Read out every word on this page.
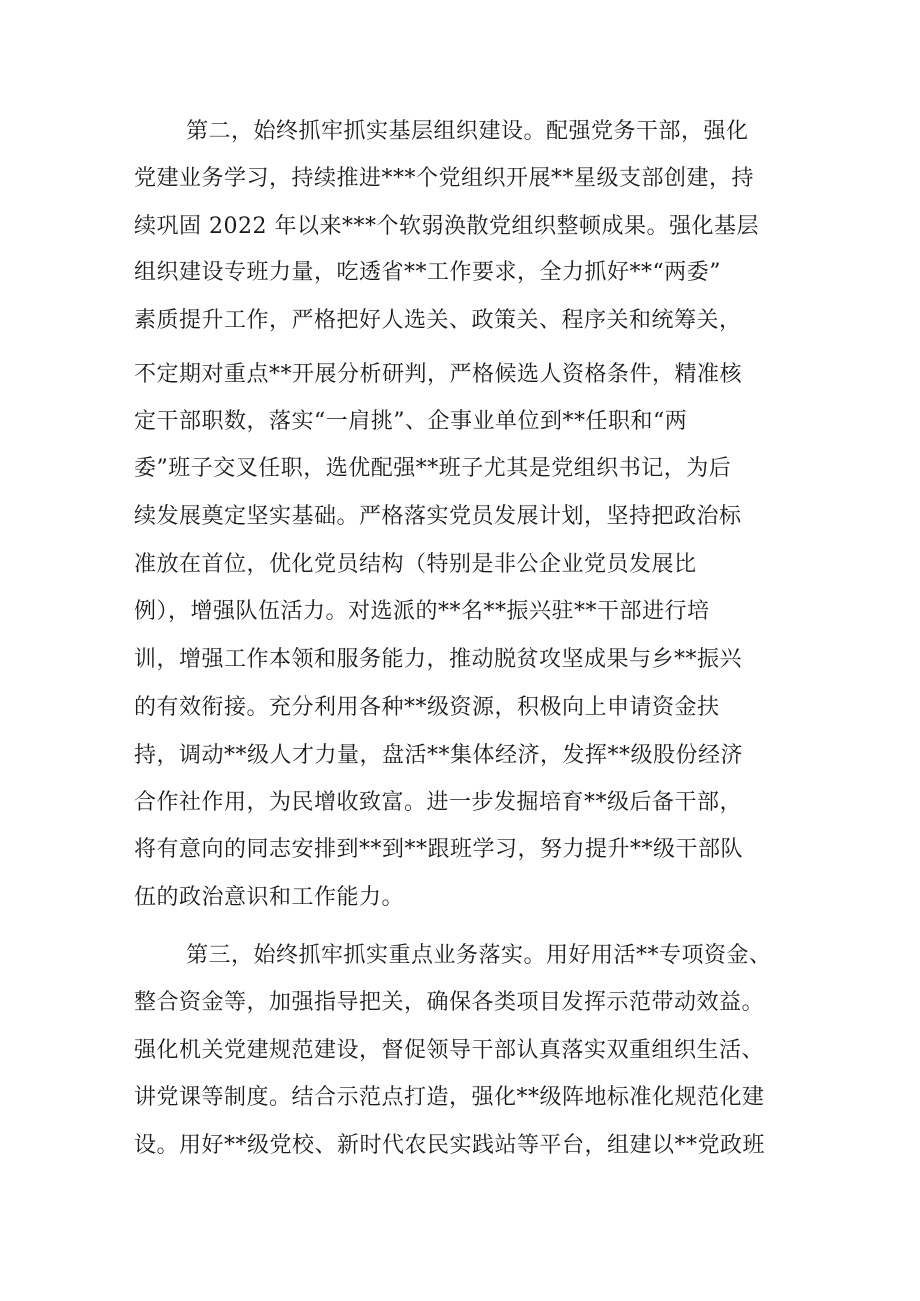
第二，始终抓牢抓实基层组织建设。配强党务干部，强化
党建业务学习，持续推进***个党组织开展**星级支部创建，持
续巩固 2022 年以来***个软弱涣散党组织整顿成果。强化基层
组织建设专班力量，吃透省**工作要求，全力抓好**“两委”
素质提升工作，严格把好人选关、政策关、程序关和统筹关，
不定期对重点**开展分析研判，严格候选人资格条件，精准核
定干部职数，落实“一肩挑”、企事业单位到**任职和“两
委”班子交叉任职，选优配强**班子尤其是党组织书记，为后
续发展奠定坚实基础。严格落实党员发展计划，坚持把政治标
准放在首位，优化党员结构（特别是非公企业党员发展比
例），增强队伍活力。对选派的**名**振兴驻**干部进行培
训，增强工作本领和服务能力，推动脱贫攻坚成果与乡**振兴
的有效衔接。充分利用各种**级资源，积极向上申请资金扶
持，调动**级人才力量，盘活**集体经济，发挥**级股份经济
合作社作用，为民增收致富。进一步发掘培育**级后备干部，
将有意向的同志安排到**到**跟班学习，努力提升**级干部队
伍的政治意识和工作能力。
第三，始终抓牢抓实重点业务落实。用好用活**专项资金、
整合资金等，加强指导把关，确保各类项目发挥示范带动效益。
强化机关党建规范建设，督促领导干部认真落实双重组织生活、
讲党课等制度。结合示范点打造，强化**级阵地标准化规范化建
设。用好**级党校、新时代农民实践站等平台，组建以**党政班
